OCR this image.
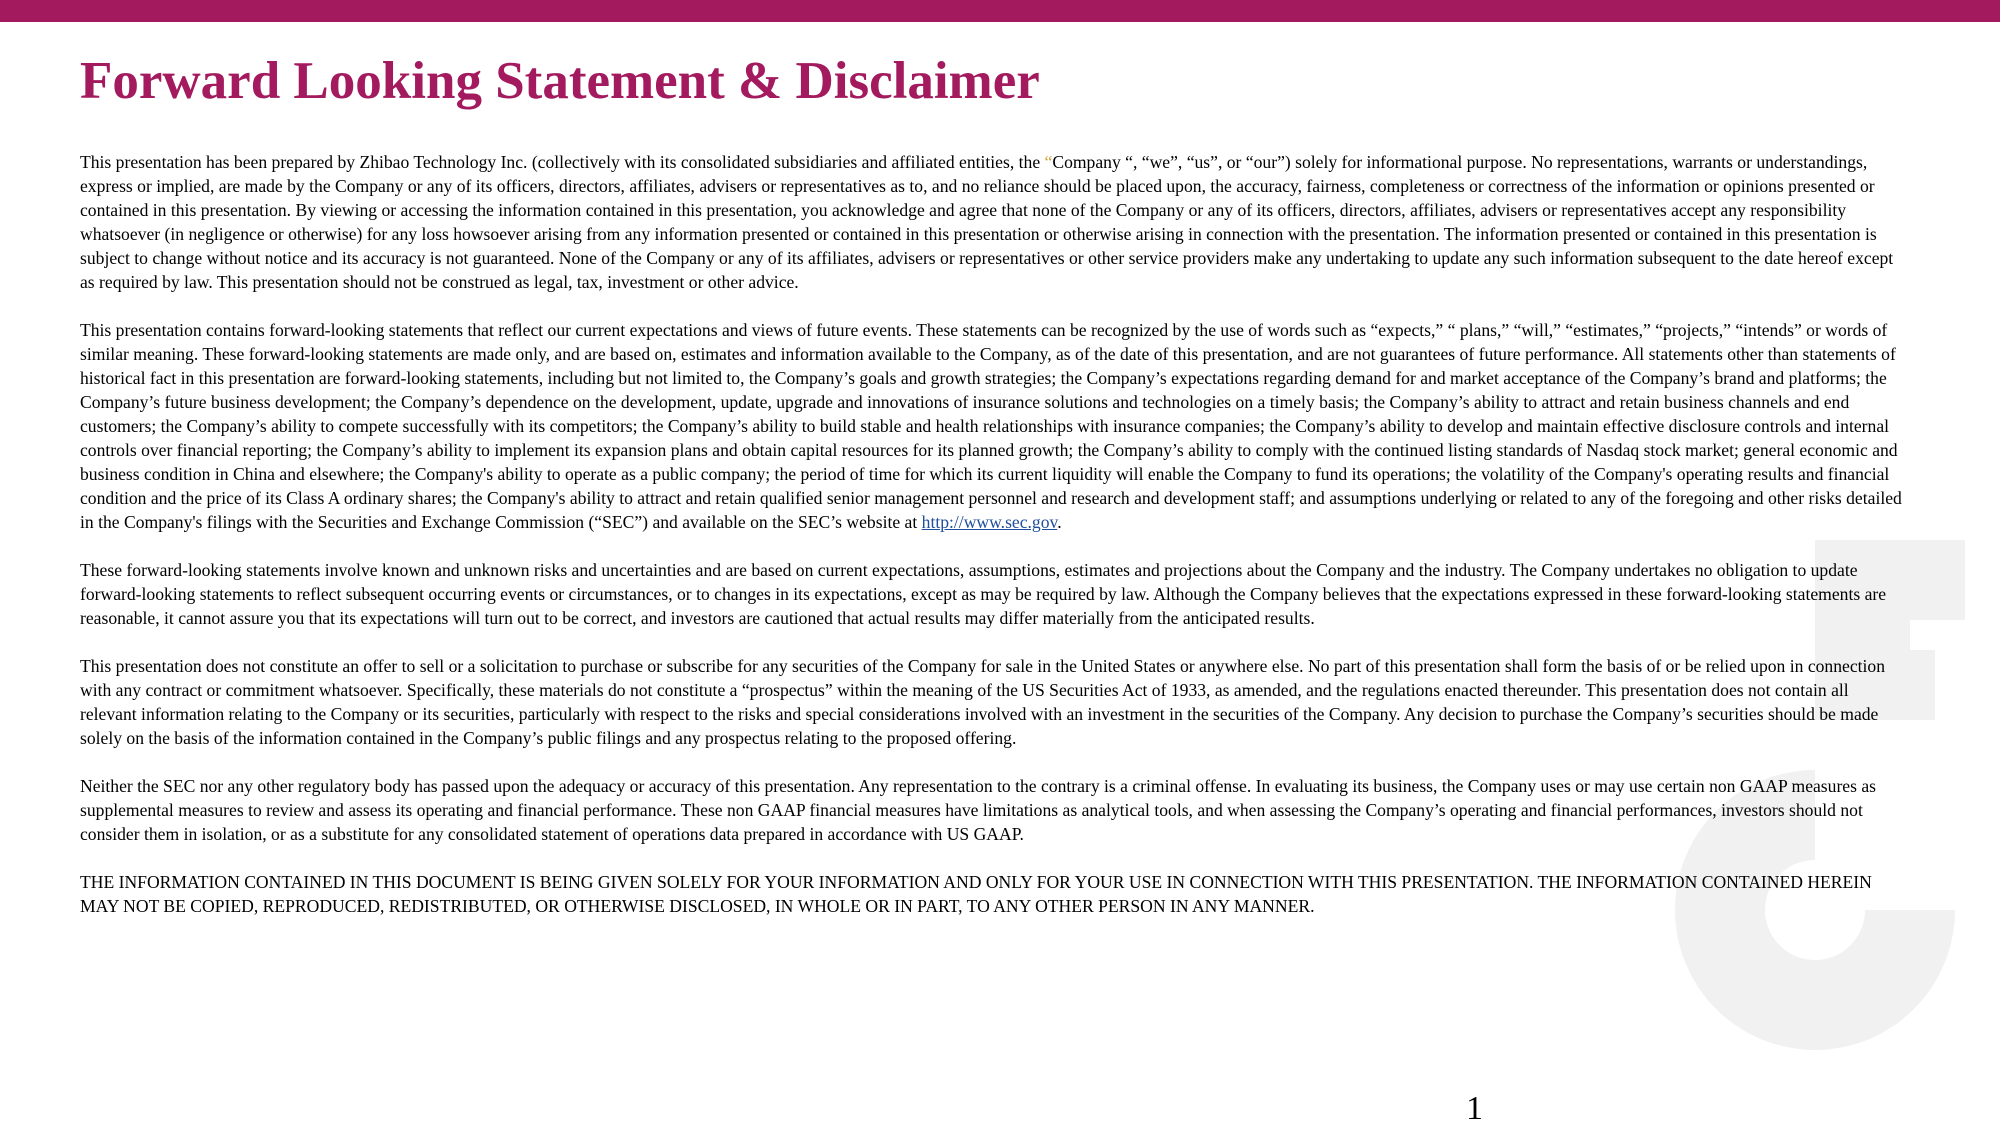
Forward Looking Statement & Disclaimer

This presentation has been prepared by Zhibao Technology Inc. (collectively with its consolidated subsidiaries and affiliated entities, the “Company “, “we”, “us”, or “our”) solely for informational purpose. No representations, warrants or understandings, express or implied, are made by the Company or any of its officers, directors, affiliates, advisers or representatives as to, and no reliance should be placed upon, the accuracy, fairness, completeness or correctness of the information or opinions presented or contained in this presentation. By viewing or accessing the information contained in this presentation, you acknowledge and agree that none of the Company or any of its officers, directors, affiliates, advisers or representatives accept any responsibility whatsoever (in negligence or otherwise) for any loss howsoever arising from any information presented or contained in this presentation or otherwise arising in connection with the presentation. The information presented or contained in this presentation is subject to change without notice and its accuracy is not guaranteed. None of the Company or any of its affiliates, advisers or representatives or other service providers make any undertaking to update any such information subsequent to the date hereof except as required by law. This presentation should not be construed as legal, tax, investment or other advice.

This presentation contains forward-looking statements that reflect our current expectations and views of future events. These statements can be recognized by the use of words such as “expects,” “ plans,” “will,” “estimates,” “projects,” “intends” or words of similar meaning. These forward-looking statements are made only, and are based on, estimates and information available to the Company, as of the date of this presentation, and are not guarantees of future performance. All statements other than statements of historical fact in this presentation are forward-looking statements, including but not limited to, the Company’s goals and growth strategies; the Company’s expectations regarding demand for and market acceptance of the Company’s brand and platforms; the Company’s future business development; the Company’s dependence on the development, update, upgrade and innovations of insurance solutions and technologies on a timely basis; the Company’s ability to attract and retain business channels and end customers; the Company’s ability to compete successfully with its competitors; the Company’s ability to build stable and health relationships with insurance companies; the Company’s ability to develop and maintain effective disclosure controls and internal controls over financial reporting; the Company’s ability to implement its expansion plans and obtain capital resources for its planned growth; the Company’s ability to comply with the continued listing standards of Nasdaq stock market; general economic and business condition in China and elsewhere; the Company's ability to operate as a public company; the period of time for which its current liquidity will enable the Company to fund its operations; the volatility of the Company's operating results and financial condition and the price of its Class A ordinary shares; the Company's ability to attract and retain qualified senior management personnel and research and development staff; and assumptions underlying or related to any of the foregoing and other risks detailed in the Company's filings with the Securities and Exchange Commission (“SEC”) and available on the SEC’s website at http://www.sec.gov.

These forward-looking statements involve known and unknown risks and uncertainties and are based on current expectations, assumptions, estimates and projections about the Company and the industry. The Company undertakes no obligation to update forward-looking statements to reflect subsequent occurring events or circumstances, or to changes in its expectations, except as may be required by law. Although the Company believes that the expectations expressed in these forward-looking statements are reasonable, it cannot assure you that its expectations will turn out to be correct, and investors are cautioned that actual results may differ materially from the anticipated results.

This presentation does not constitute an offer to sell or a solicitation to purchase or subscribe for any securities of the Company for sale in the United States or anywhere else. No part of this presentation shall form the basis of or be relied upon in connection with any contract or commitment whatsoever. Specifically, these materials do not constitute a “prospectus” within the meaning of the US Securities Act of 1933, as amended, and the regulations enacted thereunder. This presentation does not contain all relevant information relating to the Company or its securities, particularly with respect to the risks and special considerations involved with an investment in the securities of the Company. Any decision to purchase the Company’s securities should be made solely on the basis of the information contained in the Company’s public filings and any prospectus relating to the proposed offering.

Neither the SEC nor any other regulatory body has passed upon the adequacy or accuracy of this presentation. Any representation to the contrary is a criminal offense. In evaluating its business, the Company uses or may use certain non GAAP measures as supplemental measures to review and assess its operating and financial performance. These non GAAP financial measures have limitations as analytical tools, and when assessing the Company’s operating and financial performances, investors should not consider them in isolation, or as a substitute for any consolidated statement of operations data prepared in accordance with US GAAP.

THE INFORMATION CONTAINED IN THIS DOCUMENT IS BEING GIVEN SOLELY FOR YOUR INFORMATION AND ONLY FOR YOUR USE IN CONNECTION WITH THIS PRESENTATION. THE INFORMATION CONTAINED HEREIN MAY NOT BE COPIED, REPRODUCED, REDISTRIBUTED, OR OTHERWISE DISCLOSED, IN WHOLE OR IN PART, TO ANY OTHER PERSON IN ANY MANNER.

1
